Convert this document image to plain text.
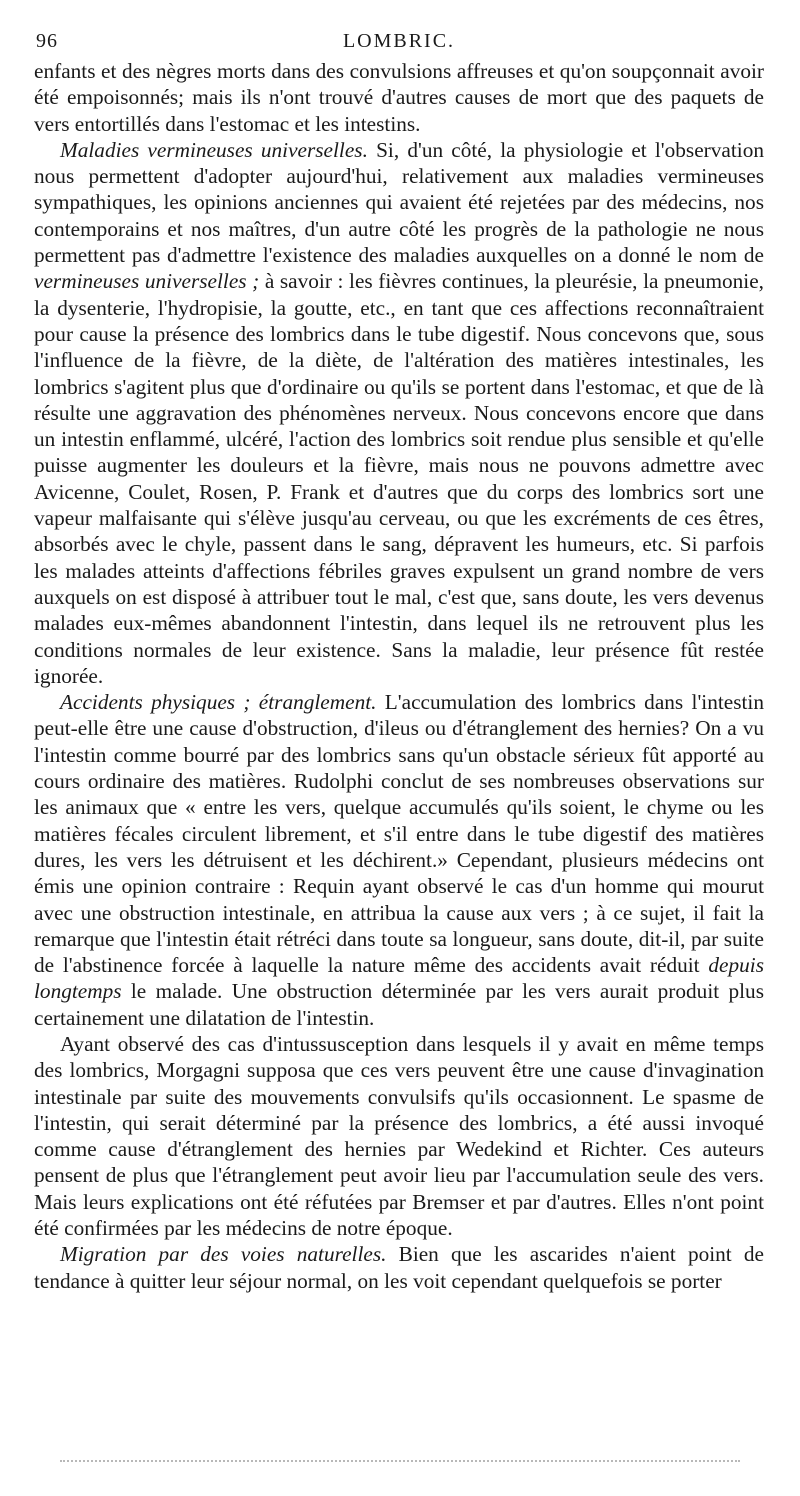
96	LOMBRIC.

enfants et des nègres morts dans des convulsions affreuses et qu'on soupçonnait avoir été empoisonnés; mais ils n'ont trouvé d'autres causes de mort que des paquets de vers entortillés dans l'estomac et les intestins.

Maladies vermineuses universelles. Si, d'un côté, la physiologie et l'observation nous permettent d'adopter aujourd'hui, relativement aux maladies vermineuses sympathiques, les opinions anciennes qui avaient été rejetées par des médecins, nos contemporains et nos maîtres, d'un autre côté les progrès de la pathologie ne nous permettent pas d'admettre l'existence des maladies auxquelles on a donné le nom de vermineuses universelles ; à savoir : les fièvres continues, la pleurésie, la pneumonie, la dysenterie, l'hydropisie, la goutte, etc., en tant que ces affections reconnaîtraient pour cause la présence des lombrics dans le tube digestif. Nous concevons que, sous l'influence de la fièvre, de la diète, de l'altération des matières intestinales, les lombrics s'agitent plus que d'ordinaire ou qu'ils se portent dans l'estomac, et que de là résulte une aggravation des phénomènes nerveux. Nous concevons encore que dans un intestin enflammé, ulcéré, l'action des lombrics soit rendue plus sensible et qu'elle puisse augmenter les douleurs et la fièvre, mais nous ne pouvons admettre avec Avicenne, Coulet, Rosen, P. Frank et d'autres que du corps des lombrics sort une vapeur malfaisante qui s'élève jusqu'au cerveau, ou que les excréments de ces êtres, absorbés avec le chyle, passent dans le sang, dépravent les humeurs, etc. Si parfois les malades atteints d'affections fébriles graves expulsent un grand nombre de vers auxquels on est disposé à attribuer tout le mal, c'est que, sans doute, les vers devenus malades eux-mêmes abandonnent l'intestin, dans lequel ils ne retrouvent plus les conditions normales de leur existence. Sans la maladie, leur présence fût restée ignorée.

Accidents physiques ; étranglement. L'accumulation des lombrics dans l'intestin peut-elle être une cause d'obstruction, d'ileus ou d'étranglement des hernies? On a vu l'intestin comme bourré par des lombrics sans qu'un obstacle sérieux fût apporté au cours ordinaire des matières. Rudolphi conclut de ses nombreuses observations sur les animaux que « entre les vers, quelque accumulés qu'ils soient, le chyme ou les matières fécales circulent librement, et s'il entre dans le tube digestif des matières dures, les vers les détruisent et les déchirent.» Cependant, plusieurs médecins ont émis une opinion contraire : Requin ayant observé le cas d'un homme qui mourut avec une obstruction intestinale, en attribua la cause aux vers ; à ce sujet, il fait la remarque que l'intestin était rétréci dans toute sa longueur, sans doute, dit-il, par suite de l'abstinence forcée à laquelle la nature même des accidents avait réduit depuis longtemps le malade. Une obstruction déterminée par les vers aurait produit plus certainement une dilatation de l'intestin.

Ayant observé des cas d'intussusception dans lesquels il y avait en même temps des lombrics, Morgagni supposa que ces vers peuvent être une cause d'invagination intestinale par suite des mouvements convulsifs qu'ils occasionnent. Le spasme de l'intestin, qui serait déterminé par la présence des lombrics, a été aussi invoqué comme cause d'étranglement des hernies par Wedekind et Richter. Ces auteurs pensent de plus que l'étranglement peut avoir lieu par l'accumulation seule des vers. Mais leurs explications ont été réfutées par Bremser et par d'autres. Elles n'ont point été confirmées par les médecins de notre époque.

Migration par des voies naturelles. Bien que les ascarides n'aient point de tendance à quitter leur séjour normal, on les voit cependant quelquefois se porter
